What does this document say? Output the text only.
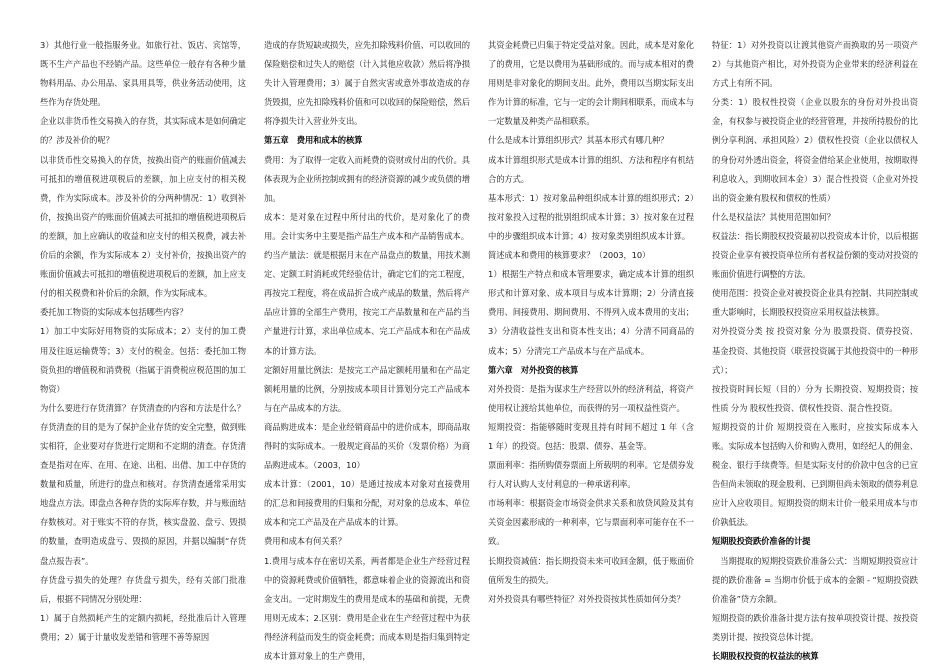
3）其他行业一般指服务业。如旅行社、饭店、宾馆等，既不生产产品也不经销产品。这些单位一般存有各种少量物料用品、办公用品、家具用具等，供业务活动使用，这些作为存货处理。

企业以非货币性交易换入的存货，其实际成本是如何确定的？涉及补价的呢？

以非货币性交易换入的存货，按换出资产的账面价值减去可抵扣的增值税进项税后的差额，加上应支付的相关税费，作为实际成本。涉及补价的分两种情况：1）收到补价，按换出资产的账面价值减去可抵扣的增值税进项税后的差额，加上应确认的收益和应支付的相关税费，减去补价后的余额，作为实际成本 2）支付补价，按换出资产的账面价值减去可抵扣的增值税进项税后的差额，加上应支付的相关税费和补价后的余额，作为实际成本。

委托加工物资的实际成本包括哪些内容？

1）加工中实际好用物资的实际成本；2）支付的加工费用及往返运输费等；3）支付的税金。包括：委托加工物资负担的增值税和消费税（指属于消费税应税范围的加工物资）

为什么要进行存货清算？存货清查的内容和方法是什么？

存货清查的目的是为了保护企业存货的安全完整，做到账实相符，企业要对存货进行定期和不定期的清查。存货清查是指对在库、在用、在途、出租、出借、加工中存货的数量和质量，所进行的盘点和核对。存货清查通常采用实地盘点方法。即盘点各种存货的实际库存数，并与账面结存数核对。对于账实不符的存货，核实盘盈、盘亏、毁损的数量，查明造成盘亏、毁损的原因，并据以编制“存货盘点报告表”。

存货盘亏损失的处理？存货盘亏损失，经有关部门批准后，根据不同情况分别处理：

1）属于自然损耗产生的定额内损耗，经批准后计入管理费用；2）属于计量收发差错和管理不善等原因

造成的存货短缺或损失，应先扣除残料价值、可以收回的保险赔偿和过失人的赔偿（计入其他应收款）然后将净损失计入管理费用；3）属于自然灾害或意外事故造成的存货毁损，应先扣除残料价值和可以收回的保险赔偿，然后将净损失计入营业外支出。

第五章　费用和成本的核算

费用：为了取得一定收入而耗费的资财或付出的代价。具体表现为企业所控制或拥有的经济资源的减少或负债的增加。

成本：是对象在过程中所付出的代价，是对象化了的费用。会计实务中主要是指产品生产成本和产品销售成本。

约当产量法：就是根据月末在产品盘点的数量，用技术测定、定额工时消耗或凭经验估计，确定它们的完工程度，再按完工程度，将在成品折合成产成品的数量，然后将产品应计算的全部生产费用，按完工产品数量和在产品约当产量进行计算，求出单位成本、完工产品成本和在产品成本的计算方法。

定额好用量比例法：是按完工产品定额耗用量和在产品定额耗用量的比例，分别按成本项目计算划分完工产品成本与在产品成本的方法。

商品购进成本：是企业经销商品中的进价成本，即商品取得时的实际成本。一般规定商品的买价（发票价格）为商品购进成本。（2003，10）

成本计算：（2001，10）是通过按成本对象对直接费用的汇总和间接费用的归集和分配，对对象的总成本、单位成本和完工产品及在产品成本的计算。

费用和成本有何关系？

1.费用与成本存在密切关系，两者都是企业生产经营过程中的资源耗费或价值牺牲，都意味着企业的资源流出和资金支出。一定时期发生的费用是成本的基础和前提，无费用则无成本；2.区别：费用是企业在生产经营过程中为获得经济利益而发生的资金耗费；而成本则是指归集到特定成本计算对象上的生产费用，

其资金耗费已归集于特定受益对象。因此，成本是对象化了的费用，它是以费用为基础形成的。而与成本相对的费用则是非对象化的期间支出。此外，费用以当期实际支出作为计算的标准，它与一定的会计期间相联系，而成本与一定数量及种类产品相联系。

什么是成本计算组织形式？其基本形式有哪几种？

成本计算组织形式是成本计算的组织、方法和程序有机结合的方式。

基本形式：1）按对象品种组织成本计算的组织形式；2）按对象投入过程的批别组织成本计算；3）按对象在过程中的步骤组织成本计算；4）按对象类别组织成本计算。

简述成本和费用的核算要求？（2003，10）

1）根据生产特点和成本管理要求，确定成本计算的组织形式和计算对象、成本项目与成本计算期；2）分清直接费用、间接费用、期间费用、不得列入成本费用的支出；3）分清收益性支出和资本性支出；4）分清不同商品的成本；5）分清完工产品成本与在产品成本。

第六章　对外投资的核算

对外投资：是指为谋求生产经营以外的经济利益，将资产使用权让渡给其他单位，而获得的另一项权益性资产。

短期投资：指能够随时变现且持有时间不超过 1 年（含 1 年）的投资。包括：股票、债券、基金等。

票面利率：指所购债券票面上所载明的利率。它是债券发行人对认购人支付利息的一种承诺利率。

市场利率：根据资金市场资金供求关系和放贷风险及其有关资金因素形成的一种利率，它与票面利率可能存在不一致。

长期投资减值：指长期投资未来可收回金额，低于账面价值所发生的损失。

对外投资具有哪些特征？对外投资按其性质如何分类？

特征：1）对外投资以让渡其他资产而换取的另一项资产 2）与其他资产相比，对外投资为企业带来的经济利益在方式上有所不同。

分类：1）股权性投资（企业以股东的身份对外投出资金，有权参与被投资企业的经营管理，并按所持股份的比例分享利润、承担风险）2）债权性投资（企业以债权人的身份对外透出资金，将资金借给某企业使用，按期取得利息收入，到期收回本金）3）混合性投资（企业对外投出的资金兼有股权和债权的性质）

什么是权益法？其使用范围如何？

权益法：指长期股权投资最初以投资成本计价，以后根据投资企业享有被投资单位所有者权益份额的变动对投资的账面价值进行调整的方法。

使用范围：投资企业对被投资企业具有控制、共同控制或重大影响时，长期股权投资应采用权益法核算。

对外投资分类 按 投资对象 分为 股票投资、债券投资、基金投资、其他投资（联营投资属于其他投资中的一种形式）；

按投资时间长短（目的）分为 长期投资、短期投资；按性质 分为 股权性投资、债权性投资、混合性投资。

短期投资的计价 短期投资在入账时，应按实际成本入账。实际成本包括购入价和购入费用，如经纪人的佣金、税金、银行手续费等。但是实际支付的价款中包含的已宣告但尚未领取的现金股利、已到期但尚未领取的债券利息应计入应收项目。短期投资的期末计价一般采用成本与市价孰低法。

短期股投资跌价准备的计提

　当期提取的短期投资跌价准备公式：当期短期投资应计提的跌价准备 = 当期市价低于成本的金额 - “短期投资跌价准备”贷方余额。

短期投资的跌价准备计提方法有按单项投资计提、按投资类别计提、按投资总体计提。

长期股权投资的权益法的核算
